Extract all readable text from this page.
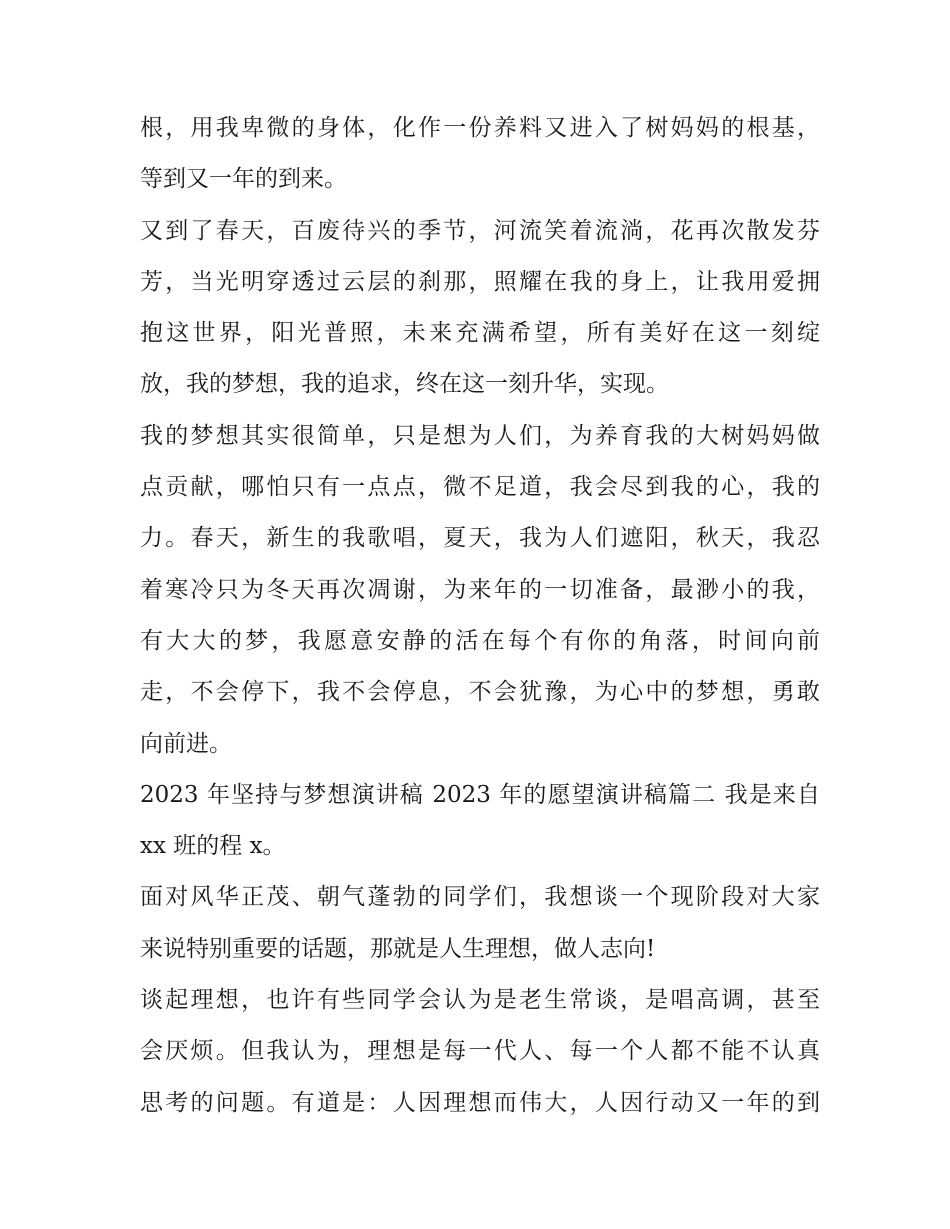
根，用我卑微的身体，化作一份养料又进入了树妈妈的根基，
等到又一年的到来。
又到了春天，百废待兴的季节，河流笑着流淌，花再次散发芬
芳，当光明穿透过云层的刹那，照耀在我的身上，让我用爱拥
抱这世界，阳光普照，未来充满希望，所有美好在这一刻绽
放，我的梦想，我的追求，终在这一刻升华，实现。
我的梦想其实很简单，只是想为人们，为养育我的大树妈妈做
点贡献，哪怕只有一点点，微不足道，我会尽到我的心，我的
力。春天，新生的我歌唱，夏天，我为人们遮阳，秋天，我忍
着寒冷只为冬天再次凋谢，为来年的一切准备，最渺小的我，
有大大的梦，我愿意安静的活在每个有你的角落，时间向前
走，不会停下，我不会停息，不会犹豫，为心中的梦想，勇敢
向前进。
2023 年坚持与梦想演讲稿 2023 年的愿望演讲稿篇二 我是来自
xx 班的程 x。
面对风华正茂、朝气蓬勃的同学们，我想谈一个现阶段对大家
来说特别重要的话题，那就是人生理想，做人志向!
谈起理想，也许有些同学会认为是老生常谈，是唱高调，甚至
会厌烦。但我认为，理想是每一代人、每一个人都不能不认真
思考的问题。有道是：人因理想而伟大，人因行动又一年的到
